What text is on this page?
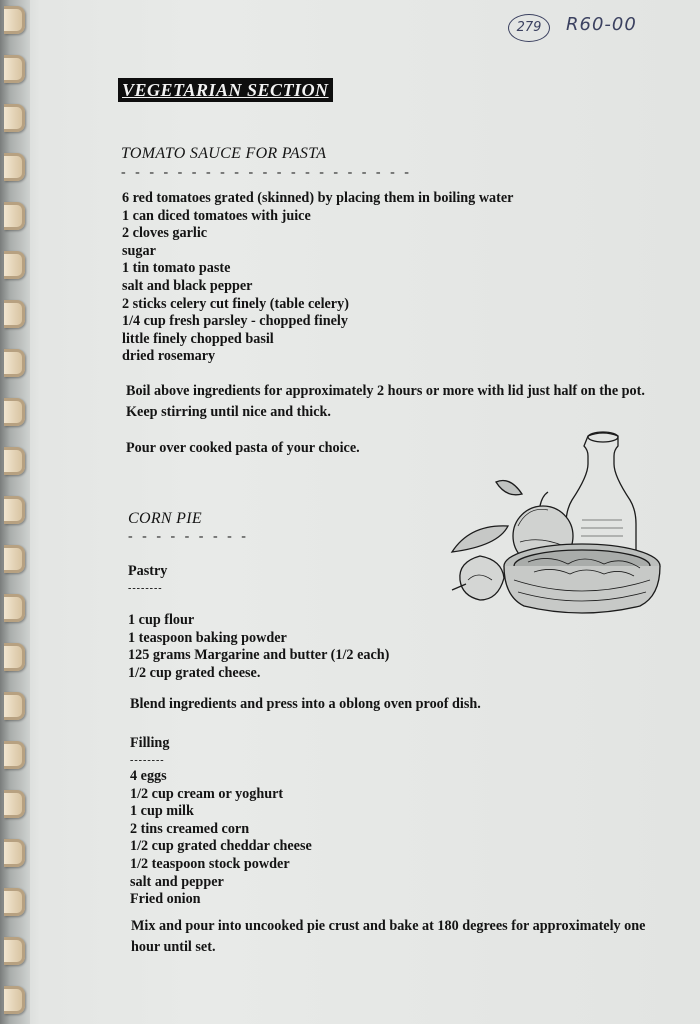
279	R60-00
VEGETARIAN SECTION
TOMATO SAUCE FOR PASTA
- - - - - - - - - - - - - - - - - - - - -
6 red tomatoes grated (skinned) by placing them in boiling water
1 can diced tomatoes with juice
2 cloves garlic
sugar
1 tin tomato paste
salt and black pepper
2 sticks celery cut finely (table celery)
1/4 cup fresh parsley - chopped finely
little finely chopped basil
dried rosemary
Boil above ingredients for approximately 2 hours or more with lid just half on the pot. Keep stirring until nice and thick.
Pour over cooked pasta of your choice.
CORN PIE
- - - - - - - - -
Pastry
--------
1 cup flour
1 teaspoon baking powder
125 grams Margarine and butter (1/2 each)
1/2 cup grated cheese.
Blend ingredients and press into a oblong oven proof dish.
Filling
--------
4 eggs
1/2 cup cream or yoghurt
1 cup milk
2 tins creamed corn
1/2 cup grated cheddar cheese
1/2 teaspoon stock powder
salt and pepper
Fried onion
Mix and pour into uncooked pie crust and bake at 180 degrees for approximately one hour until set.
